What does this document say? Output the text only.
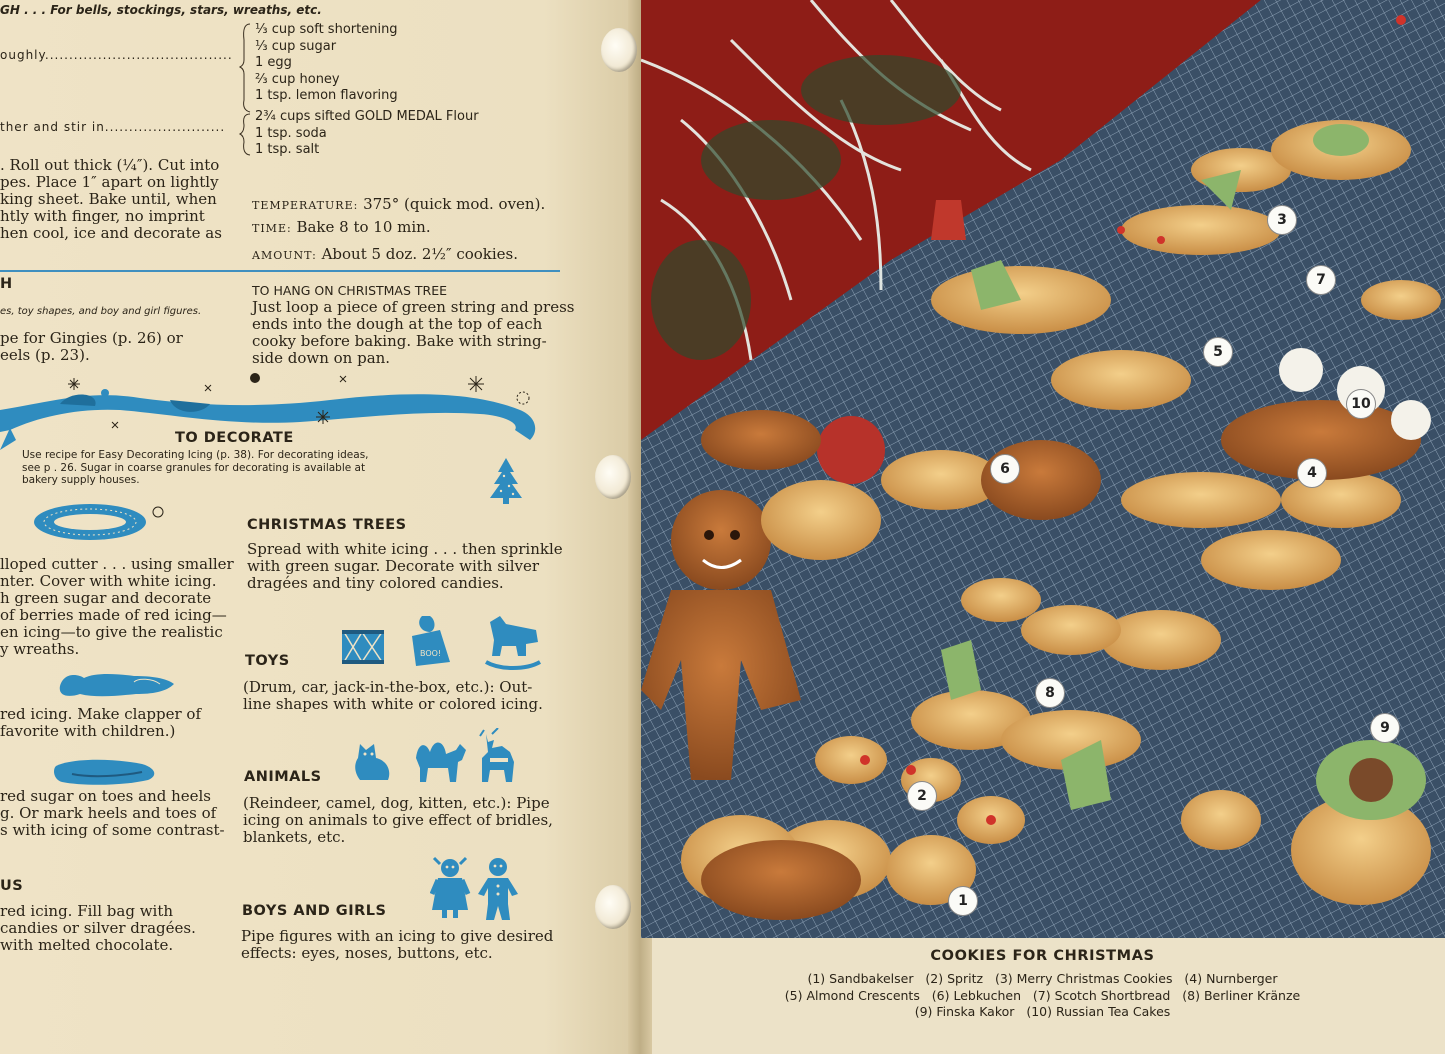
GH . . . For bells, stockings, stars, wreaths, etc.
oughly.......................................
ther and stir in.........................
⅓ cup soft shortening
⅓ cup sugar
1 egg
⅔ cup honey
1 tsp. lemon flavoring
2¾ cups sifted GOLD MEDAL Flour
1 tsp. soda
1 tsp. salt
. Roll out thick (¼″). Cut into
pes. Place 1″ apart on lightly
king sheet. Bake until, when
htly with finger, no imprint
hen cool, ice and decorate as
TEMPERATURE: 375° (quick mod. oven).
TIME: Bake 8 to 10 min.
AMOUNT: About 5 doz. 2½″ cookies.
H
es, toy shapes, and boy and girl figures.
pe for Gingies (p. 26) or
eels (p. 23).
TO HANG ON CHRISTMAS TREE
Just loop a piece of green string and press
ends into the dough at the top of each
cooky before baking. Bake with string-
side down on pan.
TO DECORATE
Use recipe for Easy Decorating Icing (p. 38). For decorating ideas,
see p . 26. Sugar in coarse granules for decorating is available at
bakery supply houses.
lloped cutter . . . using smaller
nter. Cover with white icing.
h green sugar and decorate
of berries made of red icing—
en icing—to give the realistic
y wreaths.
red icing. Make clapper of
favorite with children.)
red sugar on toes and heels
g. Or mark heels and toes of
s with icing of some contrast-
US
red icing. Fill bag with
candies or silver dragées.
with melted chocolate.
CHRISTMAS TREES
Spread with white icing . . . then sprinkle
with green sugar. Decorate with silver
dragées and tiny colored candies.
BOO!
TOYS
(Drum, car, jack-in-the-box, etc.): Out-
line shapes with white or colored icing.
ANIMALS
(Reindeer, camel, dog, kitten, etc.): Pipe
icing on animals to give effect of bridles,
blankets, etc.
BOYS AND GIRLS
Pipe figures with an icing to give desired
effects: eyes, noses, buttons, etc.
1
2
3
4
5
6
7
8
9
10
COOKIES FOR CHRISTMAS
(1) Sandbakelser   (2) Spritz   (3) Merry Christmas Cookies   (4) Nurnberger
(5) Almond Crescents   (6) Lebkuchen   (7) Scotch Shortbread   (8) Berliner Kränze
(9) Finska Kakor   (10) Russian Tea Cakes
